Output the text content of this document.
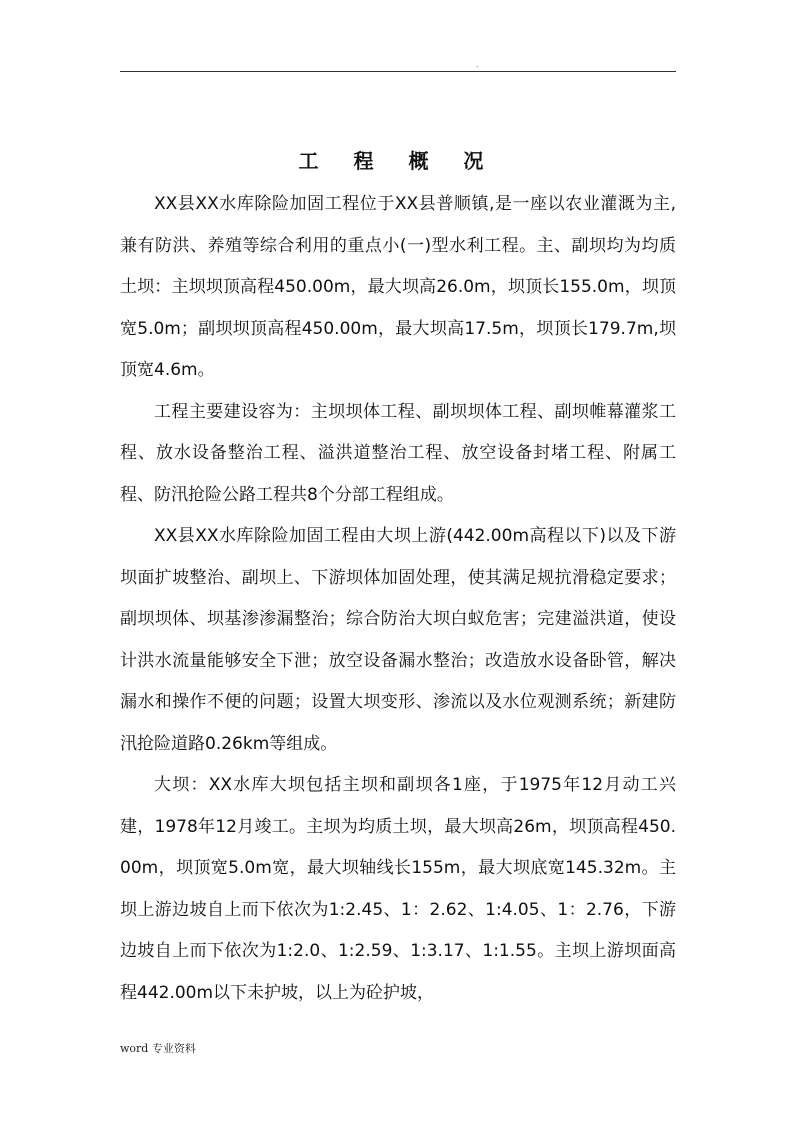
.
工 程 概 况

XX县XX水库除险加固工程位于XX县普顺镇,是一座以农业灌溉为主,兼有防洪、养殖等综合利用的重点小(一)型水利工程。主、副坝均为均质土坝：主坝坝顶高程450.00m，最大坝高26.0m，坝顶长155.0m，坝顶宽5.0m；副坝坝顶高程450.00m，最大坝高17.5m，坝顶长179.7m,坝顶宽4.6m。

工程主要建设容为：主坝坝体工程、副坝坝体工程、副坝帷幕灌浆工程、放水设备整治工程、溢洪道整治工程、放空设备封堵工程、附属工程、防汛抢险公路工程共8个分部工程组成。

XX县XX水库除险加固工程由大坝上游(442.00m高程以下)以及下游坝面扩坡整治、副坝上、下游坝体加固处理，使其满足规抗滑稳定要求；副坝坝体、坝基渗渗漏整治；综合防治大坝白蚁危害；完建溢洪道，使设计洪水流量能够安全下泄；放空设备漏水整治；改造放水设备卧管，解决漏水和操作不便的问题；设置大坝变形、渗流以及水位观测系统；新建防汛抢险道路0.26km等组成。

大坝：XX水库大坝包括主坝和副坝各1座，于1975年12月动工兴建，1978年12月竣工。主坝为均质土坝，最大坝高26m，坝顶高程450.00m，坝顶宽5.0m宽，最大坝轴线长155m，最大坝底宽145.32m。主坝上游边坡自上而下依次为1:2.45、1：2.62、1:4.05、1：2.76，下游边坡自上而下依次为1:2.0、1:2.59、1:3.17、1:1.55。主坝上游坝面高程442.00m以下未护坡，以上为砼护坡，

word 专业资料
